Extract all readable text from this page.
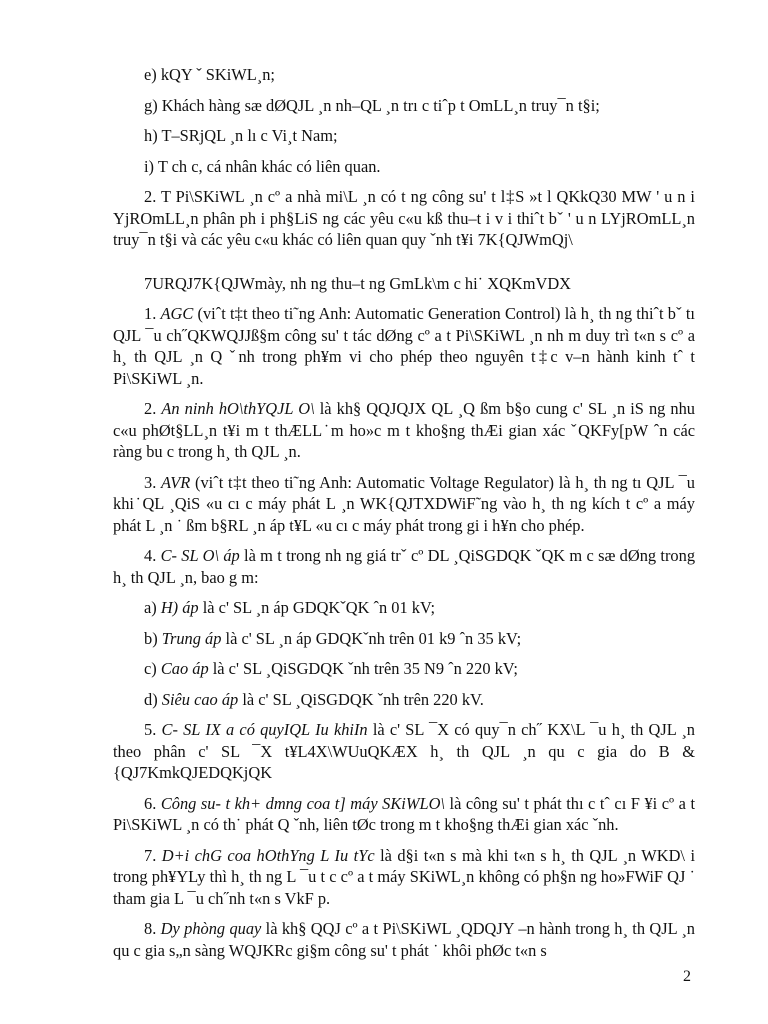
e) kQY ˇ SKiWL¸n;

g) Khách hàng sæ dØQJL ¸n nh–QL ¸n trı c tiˆp t OmLL¸n truy¯n t§i;

h) T–SRjQL ¸n lı c Vi¸t Nam;

i) T ch c, cá nhân khác có liên quan.

2. T Pi\SKiWL ¸n cº a nhà mi\L ¸n có t ng công su' t l‡S »t l QKkQ30 MW ' u n i YjROmLL¸n phân ph i ph§LiS ng các yêu c«u kß thu–t i v i thiˆt bˇ ' u n LYjROmLL¸n truy¯n t§i và các yêu c«u khác có liên quan quy ˇnh t¥i 7K{QJWmQj\

7URQJ7K{QJWmày, nh ng thu–t ng GmLk\m c hi˙ XQKmVDX

1. AGC (viˆt t‡t theo ti˜ng Anh: Automatic Generation Control) là h¸ th ng thiˆt bˇ tı QJL ¯u ch˝QKWQJJß§m công su' t tác dØng cº a t Pi\SKiWL ¸n nh m duy trì t«n s cº a h¸ th QJL ¸n Q ˇnh trong ph¥m vi cho phép theo nguyên t‡c v–n hành kinh tˆ t Pi\SKiWL ¸n.

2. An ninh hO\thYQJL O\ là kh§ QQJQJX QL ¸Q ßm b§o cung c' SL ¸n iS ng nhu c«u phØt§LL¸n t¥i m t thÆLL˙m ho»c m t kho§ng thÆi gian xác ˇQKFy[pW ˆn các ràng bu c trong h¸ th QJL ¸n.

3. AVR (viˆt t‡t theo ti˜ng Anh: Automatic Voltage Regulator) là h¸ th ng tı QJL ¯u khi˙QL ¸QiS «u cı c máy phát L ¸n WK{QJTXDWiF˜ng vào h¸ th ng kích t cº a máy phát L ¸n ˙ ßm b§RL ¸n áp t¥L «u cı c máy phát trong gi i h¥n cho phép.

4. C- SL O\ áp là m t trong nh ng giá trˇ cº DL ¸QiSGDQK ˇQK m c sæ dØng trong h¸ th QJL ¸n, bao g m:

a) H) áp là c' SL ¸n áp GDQKˇQK ˆn 01 kV;

b) Trung áp là c' SL ¸n áp GDQKˇnh trên 01 k9 ˆn 35 kV;

c) Cao áp là c' SL ¸QiSGDQK ˇnh trên 35 N9 ˆn 220 kV;

d) Siêu cao áp là c' SL ¸QiSGDQK ˇnh trên 220 kV.

5. C- SL IX a có quyIQL Iu khiIn là c' SL ¯X có quy¯n ch˝ KX\L ¯u h¸ th QJL ¸n theo phân c' SL ¯X t¥L4X\WUuQKÆX h¸ th QJL ¸n qu c gia do B &{QJ7KmkQJEDQKjQK

6. Công su- t kh+ dmng coa t] máy SKiWLO\ là công su' t phát thı c tˆ cı F ¥i cº a t Pi\SKiWL ¸n có th˙ phát Q ˇnh, liên tØc trong m t kho§ng thÆi gian xác ˇnh.

7. D+i chG coa hOthYng L Iu tYc là d§i t«n s mà khi t«n s h¸ th QJL ¸n WKD\ i trong ph¥YLy thì h¸ th ng L ¯u t c cº a t máy SKiWL¸n không có ph§n ng ho»FWiF QJ ˙ tham gia L ¯u ch˝nh t«n s VkF p.

8. Dy phòng quay là kh§ QQJ cº a t Pi\SKiWL ¸QDQJY –n hành trong h¸ th QJL ¸n qu c gia s„n sàng WQJKRc gi§m công su' t phát ˙ khôi phØc t«n s

2
